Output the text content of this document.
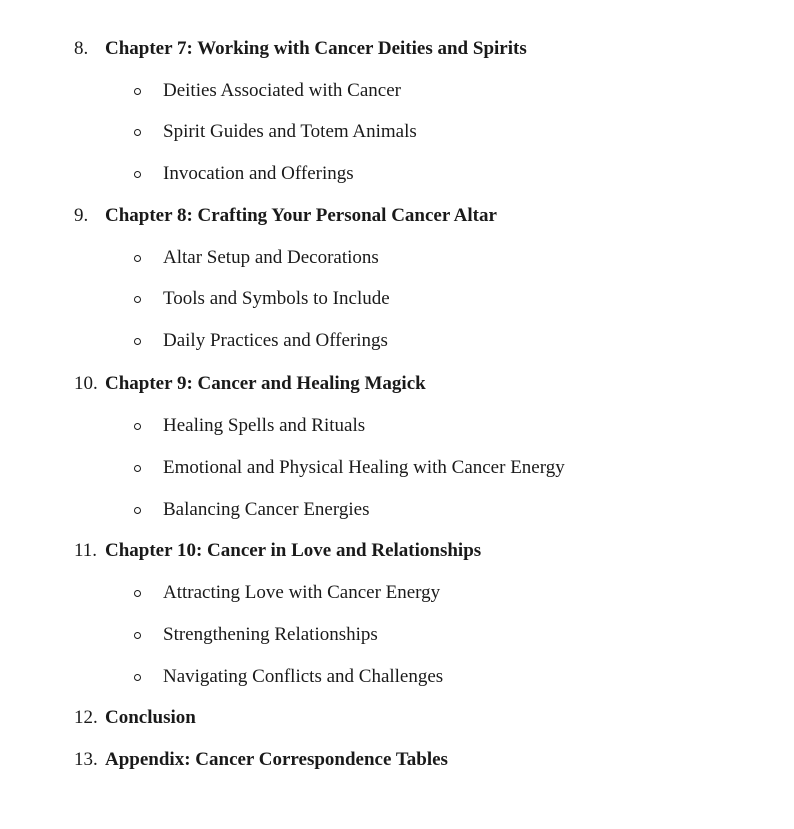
8. Chapter 7: Working with Cancer Deities and Spirits
Deities Associated with Cancer
Spirit Guides and Totem Animals
Invocation and Offerings
9. Chapter 8: Crafting Your Personal Cancer Altar
Altar Setup and Decorations
Tools and Symbols to Include
Daily Practices and Offerings
10. Chapter 9: Cancer and Healing Magick
Healing Spells and Rituals
Emotional and Physical Healing with Cancer Energy
Balancing Cancer Energies
11. Chapter 10: Cancer in Love and Relationships
Attracting Love with Cancer Energy
Strengthening Relationships
Navigating Conflicts and Challenges
12. Conclusion
13. Appendix: Cancer Correspondence Tables
